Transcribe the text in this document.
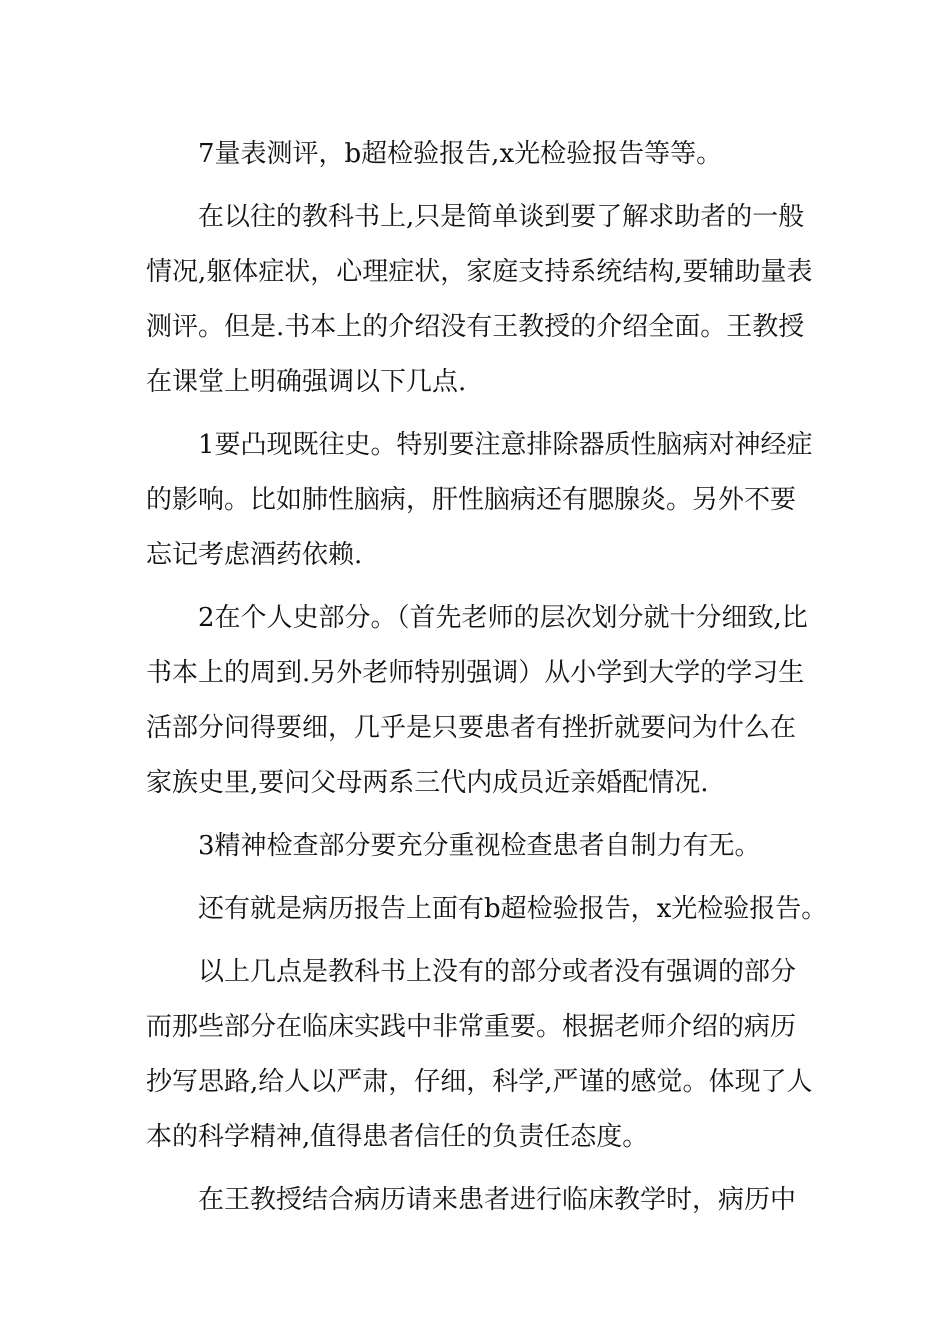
7量表测评，b超检验报告,x光检验报告等等。

在以往的教科书上,只是简单谈到要了解求助者的一般情况,躯体症状，心理症状，家庭支持系统结构,要辅助量表测评。但是.书本上的介绍没有王教授的介绍全面。王教授在课堂上明确强调以下几点.

1要凸现既往史。特别要注意排除器质性脑病对神经症的影响。比如肺性脑病，肝性脑病还有腮腺炎。另外不要忘记考虑酒药依赖.

2在个人史部分。（首先老师的层次划分就十分细致,比书本上的周到.另外老师特别强调）从小学到大学的学习生活部分问得要细，几乎是只要患者有挫折就要问为什么在家族史里,要问父母两系三代内成员近亲婚配情况.

3精神检查部分要充分重视检查患者自制力有无。

还有就是病历报告上面有b超检验报告，x光检验报告。

以上几点是教科书上没有的部分或者没有强调的部分而那些部分在临床实践中非常重要。根据老师介绍的病历抄写思路,给人以严肃，仔细，科学,严谨的感觉。体现了人本的科学精神,值得患者信任的负责任态度。

在王教授结合病历请来患者进行临床教学时，病历中
